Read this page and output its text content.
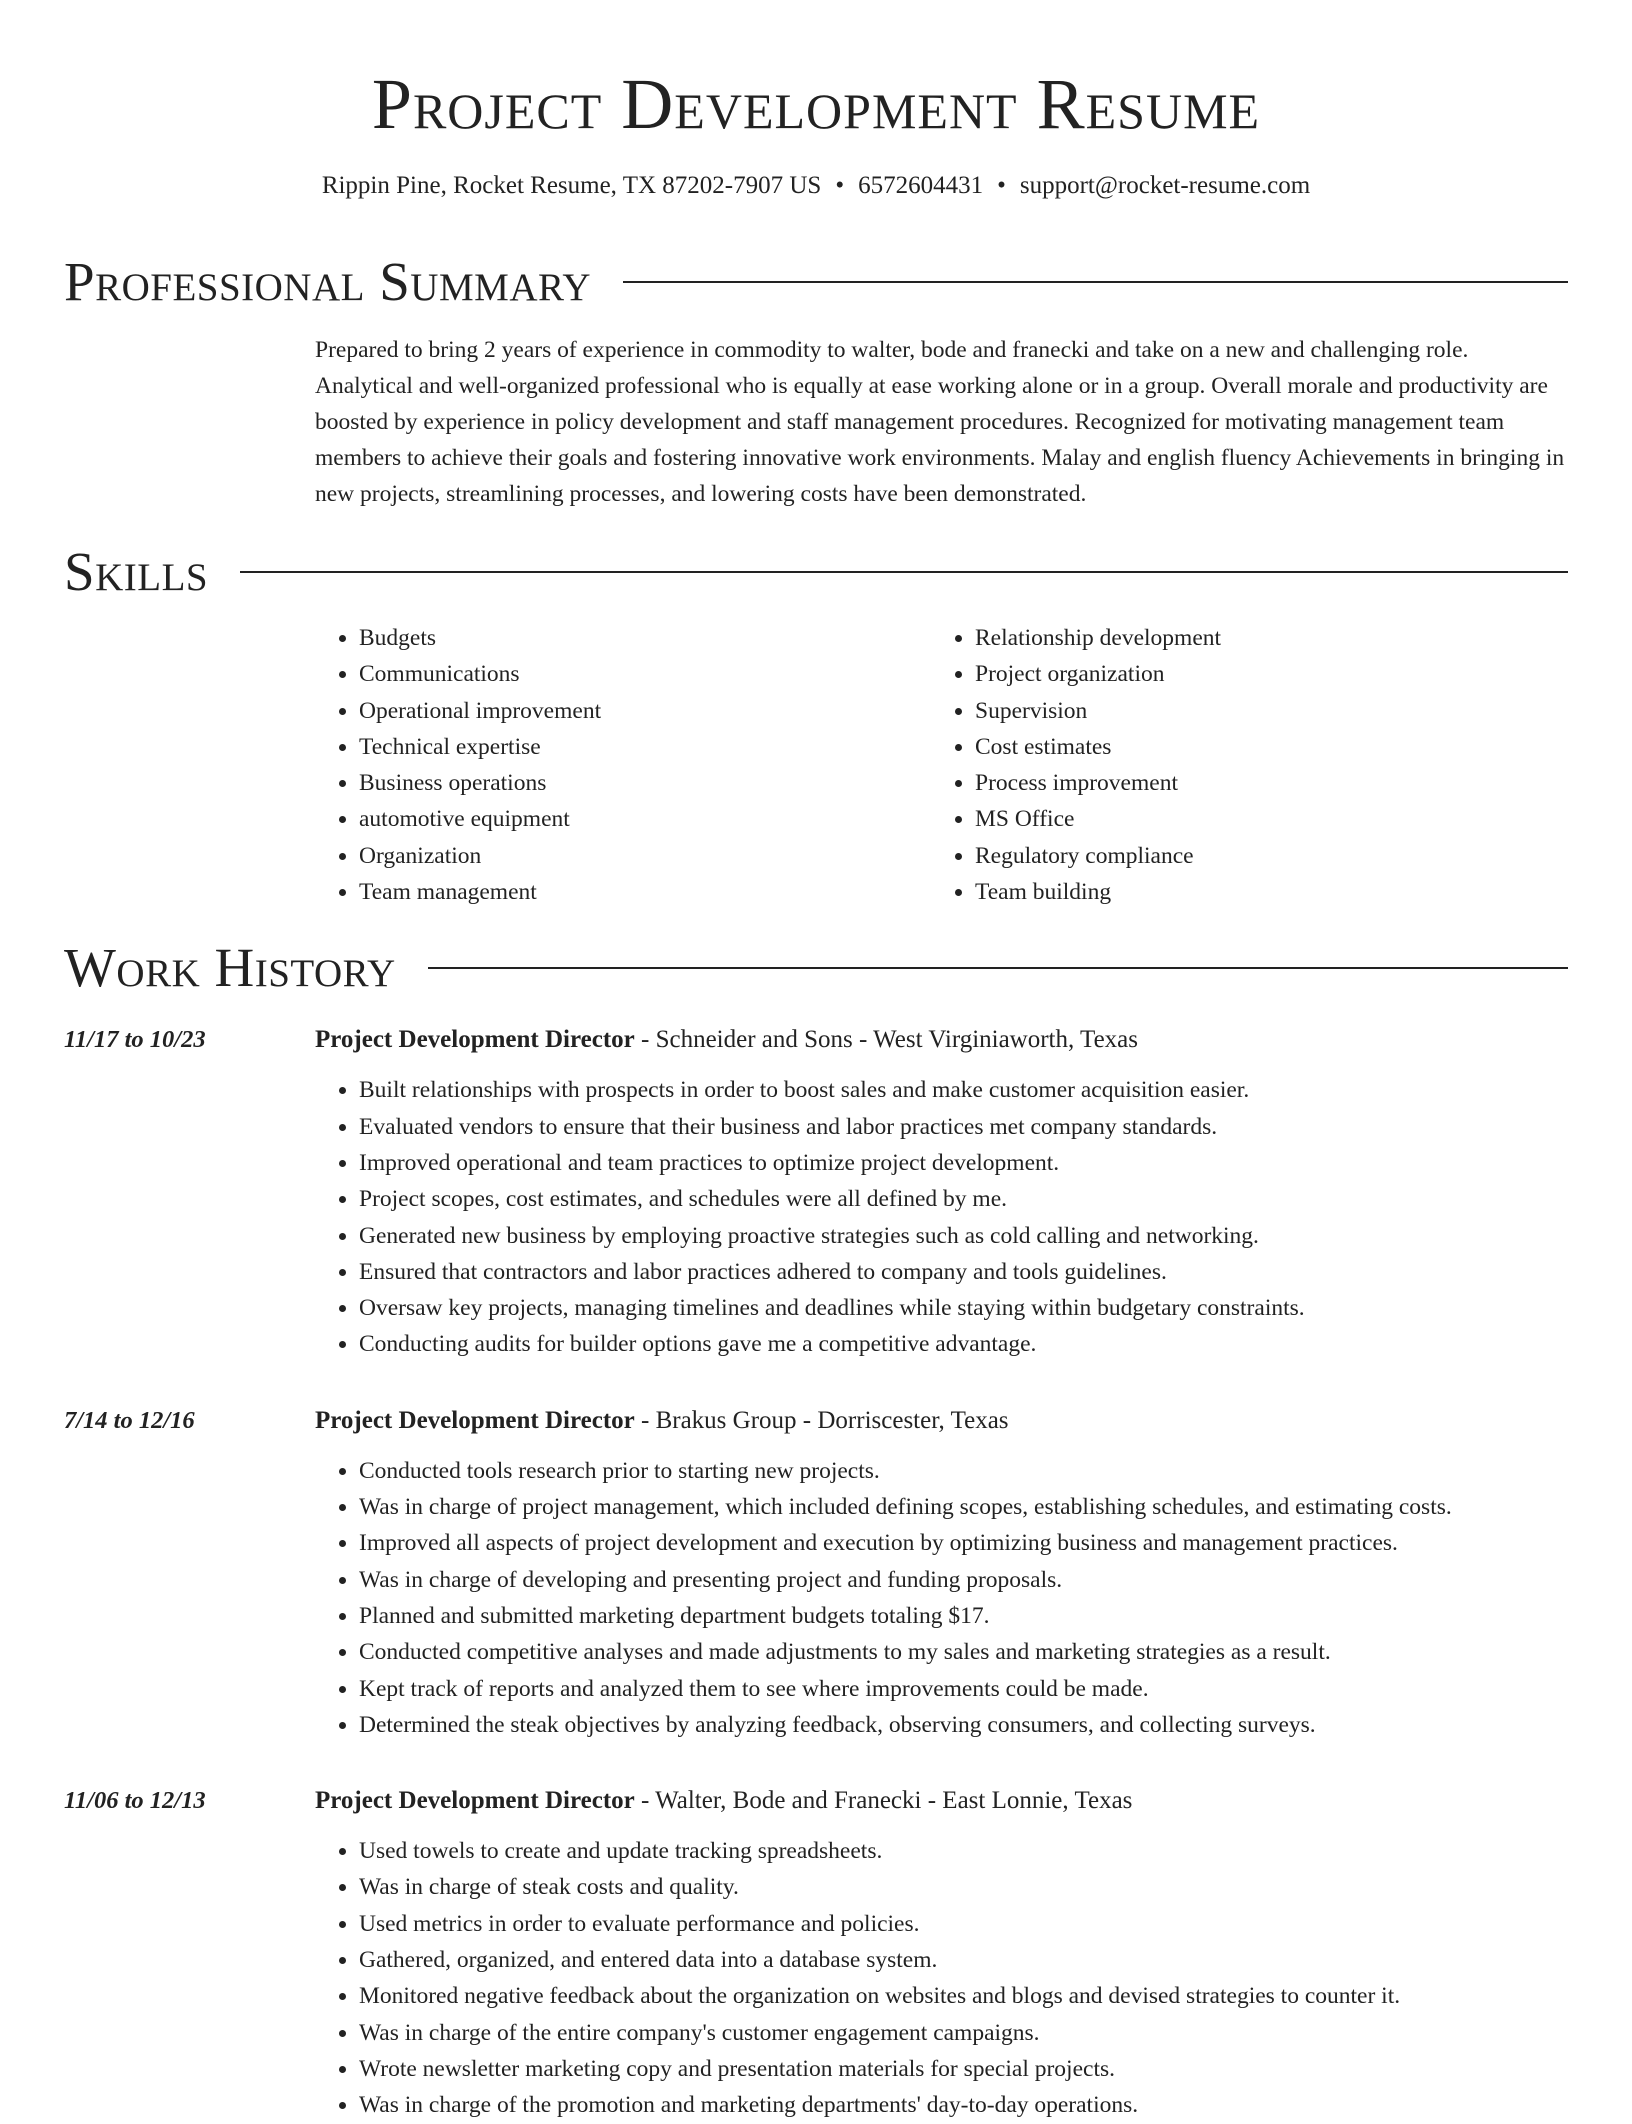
Project Development Resume
Rippin Pine, Rocket Resume, TX 87202-7907 US • 6572604431 • support@rocket-resume.com
Professional Summary
Prepared to bring 2 years of experience in commodity to walter, bode and franecki and take on a new and challenging role. Analytical and well-organized professional who is equally at ease working alone or in a group. Overall morale and productivity are boosted by experience in policy development and staff management procedures. Recognized for motivating management team members to achieve their goals and fostering innovative work environments. Malay and english fluency Achievements in bringing in new projects, streamlining processes, and lowering costs have been demonstrated.
Skills
• Budgets
• Communications
• Operational improvement
• Technical expertise
• Business operations
• automotive equipment
• Organization
• Team management
• Relationship development
• Project organization
• Supervision
• Cost estimates
• Process improvement
• MS Office
• Regulatory compliance
• Team building
Work History
11/17 to 10/23	Project Development Director - Schneider and Sons - West Virginiaworth, Texas
• Built relationships with prospects in order to boost sales and make customer acquisition easier.
• Evaluated vendors to ensure that their business and labor practices met company standards.
• Improved operational and team practices to optimize project development.
• Project scopes, cost estimates, and schedules were all defined by me.
• Generated new business by employing proactive strategies such as cold calling and networking.
• Ensured that contractors and labor practices adhered to company and tools guidelines.
• Oversaw key projects, managing timelines and deadlines while staying within budgetary constraints.
• Conducting audits for builder options gave me a competitive advantage.
7/14 to 12/16	Project Development Director - Brakus Group - Dorriscester, Texas
• Conducted tools research prior to starting new projects.
• Was in charge of project management, which included defining scopes, establishing schedules, and estimating costs.
• Improved all aspects of project development and execution by optimizing business and management practices.
• Was in charge of developing and presenting project and funding proposals.
• Planned and submitted marketing department budgets totaling $17.
• Conducted competitive analyses and made adjustments to my sales and marketing strategies as a result.
• Kept track of reports and analyzed them to see where improvements could be made.
• Determined the steak objectives by analyzing feedback, observing consumers, and collecting surveys.
11/06 to 12/13	Project Development Director - Walter, Bode and Franecki - East Lonnie, Texas
• Used towels to create and update tracking spreadsheets.
• Was in charge of steak costs and quality.
• Used metrics in order to evaluate performance and policies.
• Gathered, organized, and entered data into a database system.
• Monitored negative feedback about the organization on websites and blogs and devised strategies to counter it.
• Was in charge of the entire company's customer engagement campaigns.
• Wrote newsletter marketing copy and presentation materials for special projects.
• Was in charge of the promotion and marketing departments' day-to-day operations.
